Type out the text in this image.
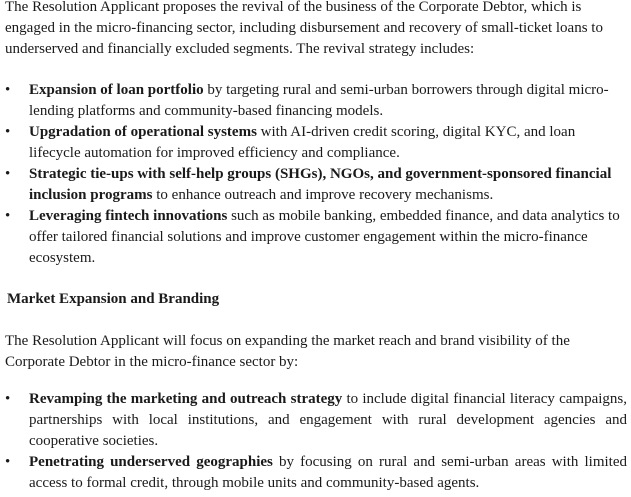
The Resolution Applicant proposes the revival of the business of the Corporate Debtor, which is engaged in the micro-financing sector, including disbursement and recovery of small-ticket loans to underserved and financially excluded segments. The revival strategy includes:

•	Expansion of loan portfolio by targeting rural and semi-urban borrowers through digital micro-lending platforms and community-based financing models.
•	Upgradation of operational systems with AI-driven credit scoring, digital KYC, and loan lifecycle automation for improved efficiency and compliance.
•	Strategic tie-ups with self-help groups (SHGs), NGOs, and government-sponsored financial inclusion programs to enhance outreach and improve recovery mechanisms.
•	Leveraging fintech innovations such as mobile banking, embedded finance, and data analytics to offer tailored financial solutions and improve customer engagement within the micro-finance ecosystem.

Market Expansion and Branding

The Resolution Applicant will focus on expanding the market reach and brand visibility of the Corporate Debtor in the micro-finance sector by:

•	Revamping the marketing and outreach strategy to include digital financial literacy campaigns, partnerships with local institutions, and engagement with rural development agencies and cooperative societies.
•	Penetrating underserved geographies by focusing on rural and semi-urban areas with limited access to formal credit, through mobile units and community-based agents.
